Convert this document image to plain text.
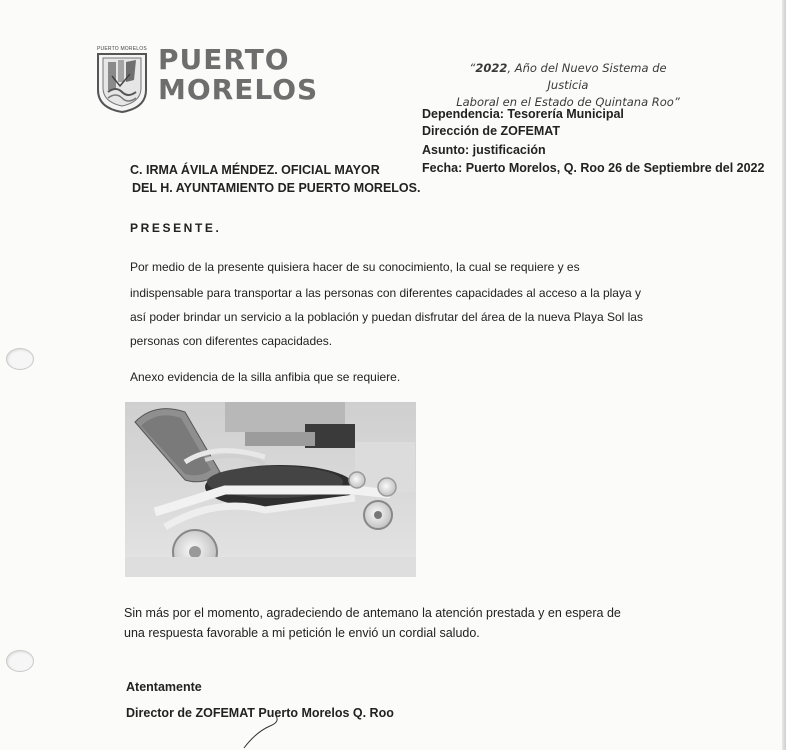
PUERTO MORELOS PUERTO
MORELOS
“2022, Año del Nuevo Sistema de Justicia
Laboral en el Estado de Quintana Roo”
Dependencia: Tesorería Municipal
Dirección de ZOFEMAT
Asunto: justificación
Fecha: Puerto Morelos, Q. Roo 26 de Septiembre del 2022
C. IRMA ÁVILA MÉNDEZ. OFICIAL MAYOR
DEL H. AYUNTAMIENTO DE PUERTO MORELOS.
PRESENTE.
Por medio de la presente quisiera hacer de su conocimiento, la cual se requiere y es
indispensable para transportar a las personas con diferentes capacidades al acceso a la playa y
así poder brindar un servicio a la población y puedan disfrutar del área de la nueva Playa Sol las
personas con diferentes capacidades.
Anexo evidencia de la silla anfibia que se requiere.
Sin más por el momento, agradeciendo de antemano la atención prestada y en espera de
una respuesta favorable a mi petición le envió un cordial saludo.
Atentamente
Director de ZOFEMAT Puerto Morelos Q. Roo
